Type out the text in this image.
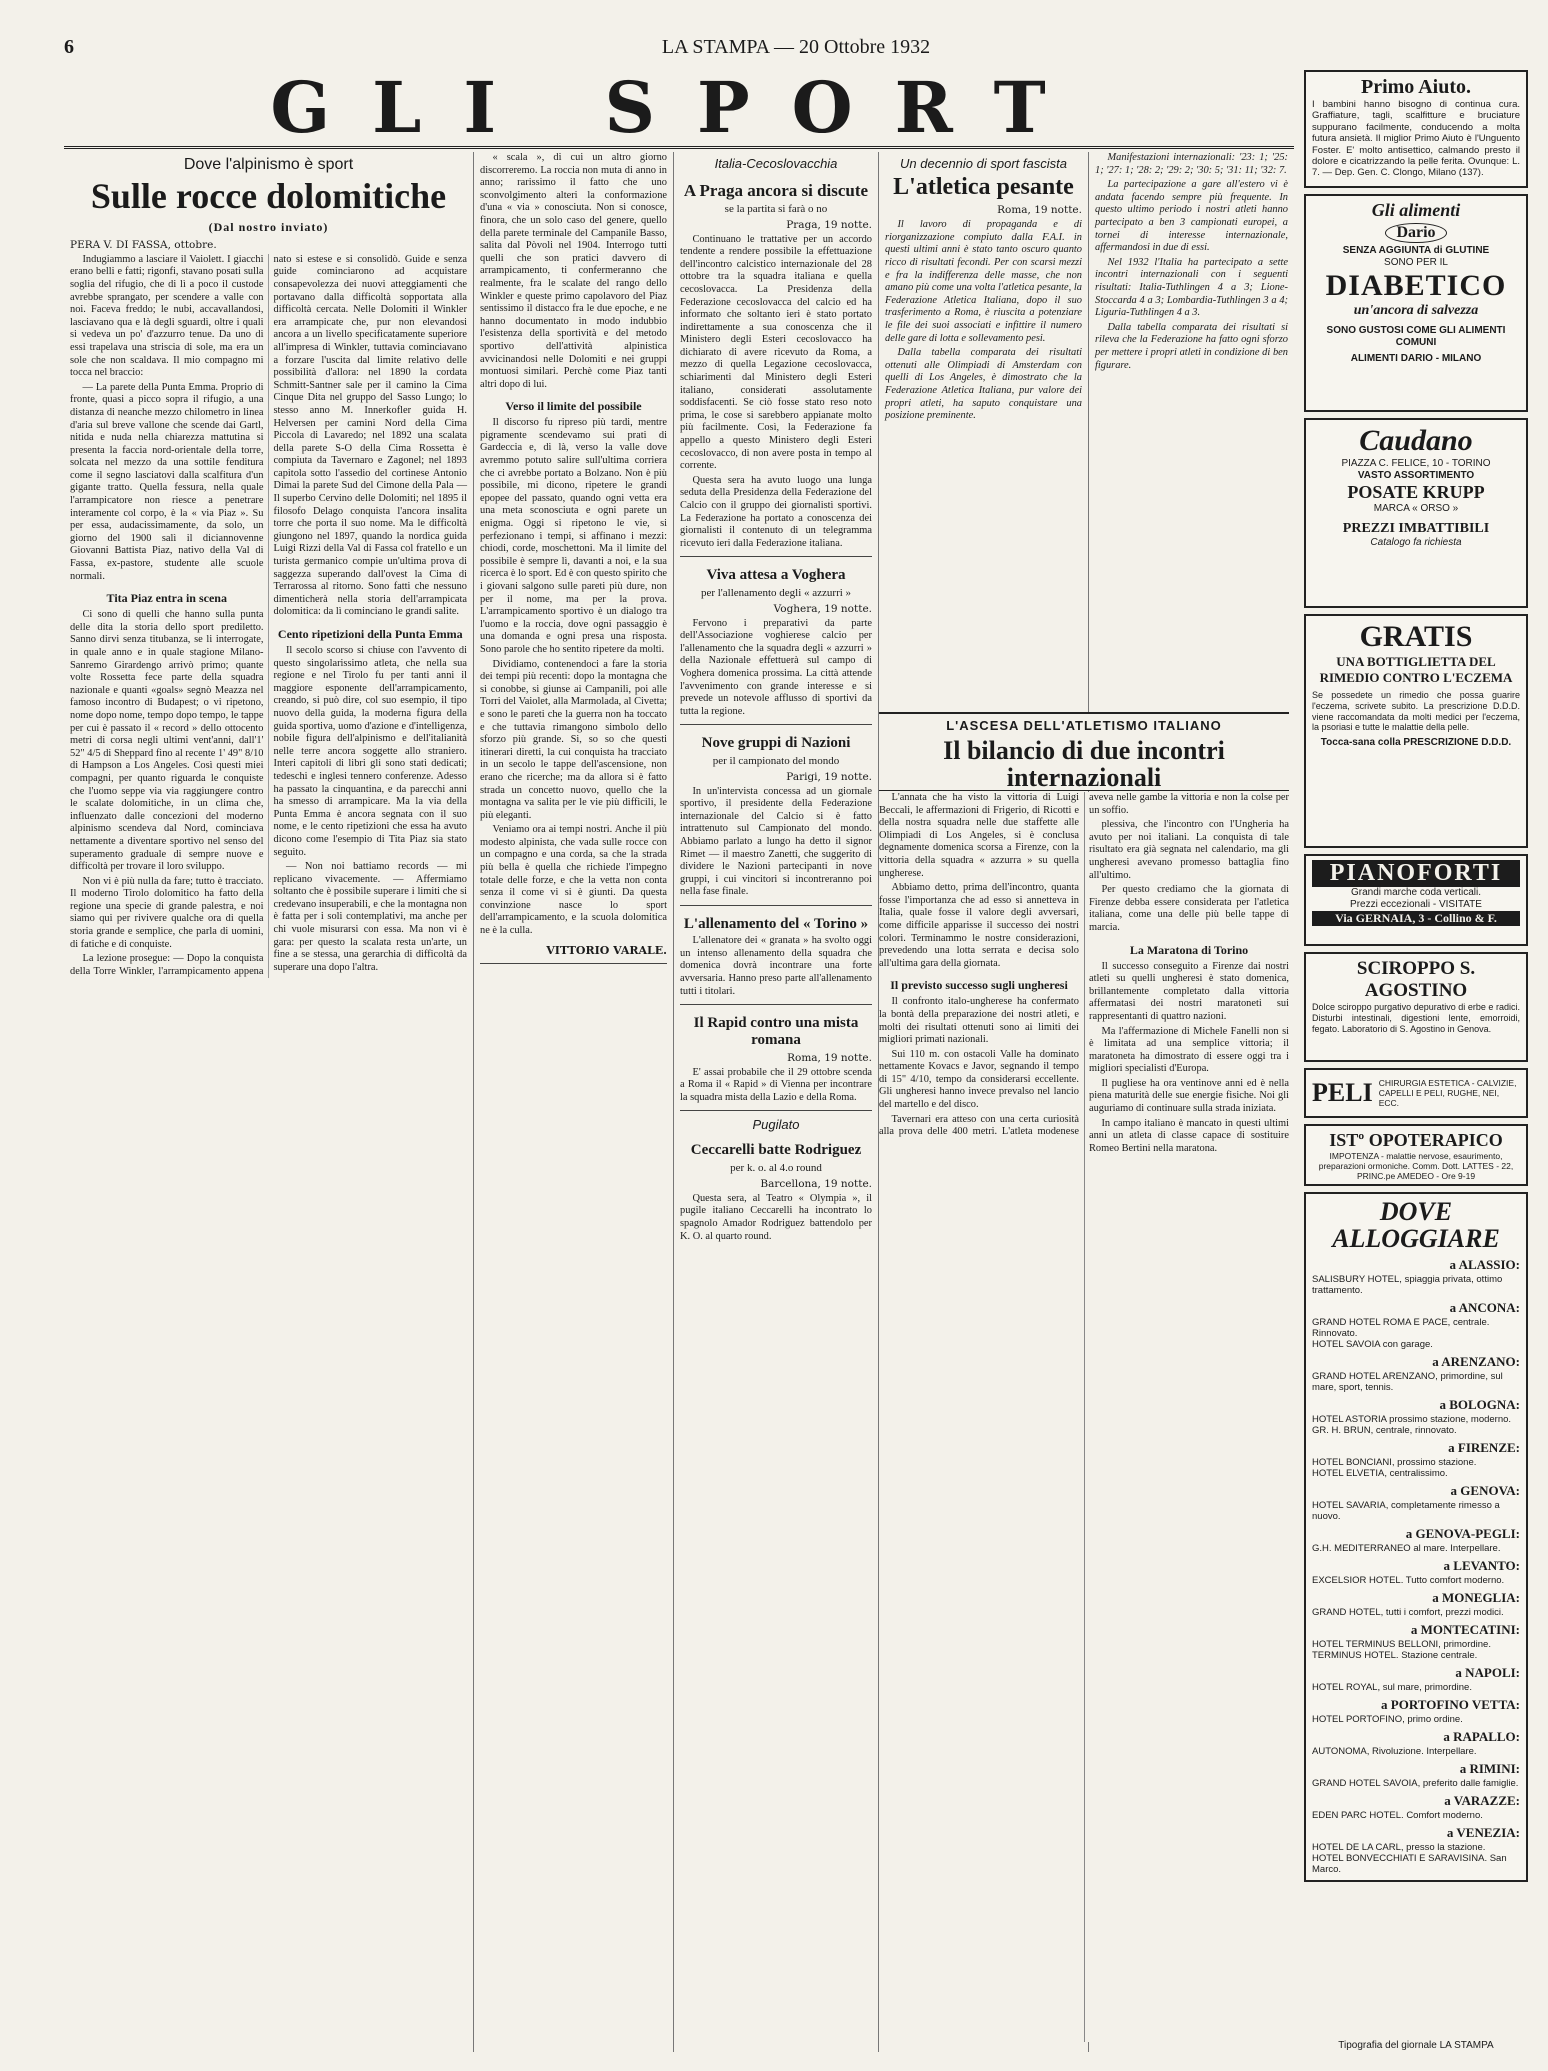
6	LA STAMPA — 20 Ottobre 1932
GLI SPORT
Dove l'alpinismo è sport
Sulle rocce dolomitiche
(Dal nostro inviato)
PERA V. DI FASSA, ottobre.

Indugiammo a lasciare il Vaiolett. I giacchi erano belli e fatti; rigonfi, stavano posati sulla soglia del rifugio, che di lì a poco il custode avrebbe sprangato, per scendere a valle con noi. Faceva freddo; le nubi, accavallandosi, lasciavano qua e là degli sguardi, oltre i quali si vedeva un po' d'azzurro tenue. Da uno di essi trapelava una striscia di sole, ma era un sole che non scaldava. Il mio compagno mi tocca nel braccio:

— La parete della Punta Emma. Proprio di fronte, quasi a picco sopra il rifugio, a una distanza di neanche mezzo chilometro in linea d'aria sul breve vallone che scende dai Gartl, nitida e nuda nella chiarezza mattutina si presenta la faccia nord-orientale della torre, solcata nel mezzo da una sottile fenditura come il segno lasciatovi dalla scalfitura d'un gigante tratto. Quella fessura, nella quale l'arrampicatore non riesce a penetrare interamente col corpo, è la « via Piaz ». Su per essa, audacissimamente, da solo, un giorno del 1900 salì il diciannovenne Giovanni Battista Piaz, nativo della Val di Fassa, ex-pastore, studente alle scuole normali.

Tita Piaz entra in scena

Ci sono di quelli che hanno sulla punta delle dita la storia dello sport prediletto. Sanno dirvi senza titubanza, se li interrogate, in quale anno e in quale stagione Milano-Sanremo Girardengo arrivò primo; quante volte Rossetta fece parte della squadra nazionale e quanti «goals» segnò Meazza nel famoso incontro di Budapest; o vi ripetono, nome dopo nome, tempo dopo tempo, le tappe per cui è passato il « record » dello ottocento metri di corsa negli ultimi vent'anni, dall'1' 52" 4/5 di Sheppard fino al recente 1' 49" 8/10 di Hampson a Los Angeles. Così questi miei compagni, per quanto riguarda le conquiste che l'uomo seppe via via raggiungere contro le scalate dolomitiche, in un clima che, influenzato dalle concezioni del moderno alpinismo scendeva dal Nord, cominciava nettamente a diventare sportivo nel senso del superamento graduale di sempre nuove e difficoltà per trovare il loro sviluppo.

Non vi è più nulla da fare; tutto è tracciato. Il moderno Tirolo dolomitico ha fatto della regione una specie di grande palestra, e noi siamo qui per rivivere qualche ora di quella storia grande e semplice, che parla di uomini, di fatiche e di conquiste.

La lezione prosegue: — Dopo la conquista della Torre Winkler, l'arrampicamento appena nato si estese e si consolidò. Guide e senza guide cominciarono ad acquistare consapevolezza dei nuovi atteggiamenti che portavano dalla difficoltà sopportata alla difficoltà cercata. Nelle Dolomiti il Winkler era arrampicate che, pur non elevandosi ancora a un livello specificatamente superiore all'impresa di Winkler, tuttavia cominciavano a forzare l'uscita dal limite relativo delle possibilità d'allora: nel 1890 la cordata Schmitt-Santner sale per il camino la Cima Cinque Dita nel gruppo del Sasso Lungo; lo stesso anno M. Innerkofler guida H. Helversen per camini Nord della Cima Piccola di Lavaredo; nel 1892 una scalata della parete S-O della Cima Rossetta è compiuta da Tavernaro e Zagonel; nel 1893 capitola sotto l'assedio del cortinese Antonio Dimai la parete Sud del Cimone della Pala — Il superbo Cervino delle Dolomiti; nel 1895 il filosofo Delago conquista l'ancora insalita torre che porta il suo nome. Ma le difficoltà giungono nel 1897, quando la nordica guida Luigi Rizzi della Val di Fassa col fratello e un turista germanico compie un'ultima prova di saggezza superando dall'ovest la Cima di Terrarossa al ritorno. Sono fatti che nessuno dimenticherà nella storia dell'arrampicata dolomitica: da lì cominciano le grandi salite.

Cento ripetizioni della Punta Emma

Il secolo scorso si chiuse con l'avvento di questo singolarissimo atleta, che nella sua regione e nel Tirolo fu per tanti anni il maggiore esponente dell'arrampicamento, creando, si può dire, col suo esempio, il tipo nuovo della guida, la moderna figura della guida sportiva, uomo d'azione e d'intelligenza, nobile figura dell'alpinismo e dell'italianità nelle terre ancora soggette allo straniero. Interi capitoli di libri gli sono stati dedicati; tedeschi e inglesi tennero conferenze. Adesso ha passato la cinquantina, e da parecchi anni ha smesso di arrampicare. Ma la via della Punta Emma è ancora segnata con il suo nome, e le cento ripetizioni che essa ha avuto dicono come l'esempio di Tita Piaz sia stato seguito.

— Non noi battiamo records — mi replicano vivacemente. — Affermiamo soltanto che è possibile superare i limiti che si credevano insuperabili, e che la montagna non è fatta per i soli contemplativi, ma anche per chi vuole misurarsi con essa. Ma non vi è gara: per questo la scalata resta un'arte, un fine a se stessa, una gerarchia di difficoltà da superare una dopo l'altra.

« scala », di cui un altro giorno discorreremo. La roccia non muta di anno in anno; rarissimo il fatto che uno sconvolgimento alteri la conformazione d'una « via » conosciuta. Non si conosce, finora, che un solo caso del genere, quello della parete terminale del Campanile Basso, salita dal Pòvoli nel 1904. Interrogo tutti quelli che son pratici davvero di arrampicamento, ti confermeranno che realmente, fra le scalate del rango dello Winkler e queste primo capolavoro del Piaz sentissimo il distacco fra le due epoche, e ne hanno documentato in modo indubbio l'esistenza della sportività e del metodo sportivo dell'attività alpinistica avvicinandosi nelle Dolomiti e nei gruppi montuosi similari. Perchè come Piaz tanti altri dopo di lui.

Verso il limite del possibile

Il discorso fu ripreso più tardi, mentre pigramente scendevamo sui prati di Gardeccia e, di là, verso la valle dove avremmo potuto salire sull'ultima corriera che ci avrebbe portato a Bolzano. Non è più possibile, mi dicono, ripetere le grandi epopee del passato, quando ogni vetta era una meta sconosciuta e ogni parete un enigma. Oggi si ripetono le vie, si perfezionano i tempi, si affinano i mezzi: chiodi, corde, moschettoni. Ma il limite del possibile è sempre lì, davanti a noi, e la sua ricerca è lo sport. Ed è con questo spirito che i giovani salgono sulle pareti più dure, non per il nome, ma per la prova. L'arrampicamento sportivo è un dialogo tra l'uomo e la roccia, dove ogni passaggio è una domanda e ogni presa una risposta. Sono parole che ho sentito ripetere da molti.

Dividiamo, contenendoci a fare la storia dei tempi più recenti: dopo la montagna che si conobbe, si giunse ai Campanili, poi alle Torri del Vaiolet, alla Marmolada, al Civetta; e sono le pareti che la guerra non ha toccato e che tuttavia rimangono simbolo dello sforzo più grande. Si, so so che questi itinerari diretti, la cui conquista ha tracciato in un secolo le tappe dell'ascensione, non erano che ricerche; ma da allora si è fatto strada un concetto nuovo, quello che la montagna va salita per le vie più difficili, le più eleganti.

Veniamo ora ai tempi nostri. Anche il più modesto alpinista, che vada sulle rocce con un compagno e una corda, sa che la strada più bella è quella che richiede l'impegno totale delle forze, e che la vetta non conta senza il come vi si è giunti. Da questa convinzione nasce lo sport dell'arrampicamento, e la scuola dolomitica ne è la culla.

VITTORIO VARALE.
Italia-Cecoslovacchia
A Praga ancora si discute
se la partita si farà o no
Praga, 19 notte.

Continuano le trattative per un accordo tendente a rendere possibile la effettuazione dell'incontro calcistico internazionale del 28 ottobre tra la squadra italiana e quella cecoslovacca. La Presidenza della Federazione cecoslovacca del calcio ed ha informato che soltanto ieri è stato portato indirettamente a sua conoscenza che il Ministero degli Esteri cecoslovacco ha dichiarato di avere ricevuto da Roma, a mezzo di quella Legazione cecoslovacca, schiarimenti dal Ministero degli Esteri italiano, considerati assolutamente soddisfacenti. Se ciò fosse stato reso noto prima, le cose si sarebbero appianate molto più facilmente. Così, la Federazione fa appello a questo Ministero degli Esteri cecoslovacco, di non avere posta in tempo al corrente.

Questa sera ha avuto luogo una lunga seduta della Presidenza della Federazione del Calcio con il gruppo dei giornalisti sportivi. La Federazione ha portato a conoscenza dei giornalisti il contenuto di un telegramma ricevuto ieri dalla Federazione italiana.

Viva attesa a Voghera
per l'allenamento degli « azzurri »
Voghera, 19 notte.

Fervono i preparativi da parte dell'Associazione voghierese calcio per l'allenamento che la squadra degli « azzurri » della Nazionale effettuerà sul campo di Voghera domenica prossima. La città attende l'avvenimento con grande interesse e si prevede un notevole afflusso di sportivi da tutta la regione.

Nove gruppi di Nazioni
per il campionato del mondo
Parigi, 19 notte.

In un'intervista concessa ad un giornale sportivo, il presidente della Federazione internazionale del Calcio si è fatto intrattenuto sul Campionato del mondo. Abbiamo parlato a lungo ha detto il signor Rimet — il maestro Zanetti, che suggerito di dividere le Nazioni partecipanti in nove gruppi, i cui vincitori si incontreranno poi nella fase finale.

L'allenamento del « Torino »

L'allenatore dei « granata » ha svolto oggi un intenso allenamento della squadra che domenica dovrà incontrare una forte avversaria. Hanno preso parte all'allenamento tutti i titolari.

Il Rapid contro una mista romana
Roma, 19 notte.

E' assai probabile che il 29 ottobre scenda a Roma il « Rapid » di Vienna per incontrare la squadra mista della Lazio e della Roma.

Pugilato
Ceccarelli batte Rodriguez
per k. o. al 4.o round
Barcellona, 19 notte.

Questa sera, al Teatro « Olympia », il pugile italiano Ceccarelli ha incontrato lo spagnolo Amador Rodriguez battendolo per K. O. al quarto round.

Un decennio di sport fascista
L'atletica pesante
Roma, 19 notte.

Il lavoro di propaganda e di riorganizzazione compiuto dalla F.A.I. in questi ultimi anni è stato tanto oscuro quanto ricco di risultati fecondi. Per con scarsi mezzi e fra la indifferenza delle masse, che non amano più come una volta l'atletica pesante, la Federazione Atletica Italiana, dopo il suo trasferimento a Roma, è riuscita a potenziare le file dei suoi associati e infittire il numero delle gare di lotta e sollevamento pesi.

Dalla tabella comparata dei risultati ottenuti alle Olimpiadi di Amsterdam con quelli di Los Angeles, è dimostrato che la Federazione Atletica Italiana, pur valore dei propri atleti, ha saputo conquistare una posizione preminente.

Manifestazioni internazionali: '23: 1; '25: 1; '27: 1; '28: 2; '29: 2; '30: 5; '31: 11; '32: 7.

La partecipazione a gare all'estero vi è andata facendo sempre più frequente. In questo ultimo periodo i nostri atleti hanno partecipato a ben 3 campionati europei, a tornei di interesse internazionale, affermandosi in due di essi.

Nel 1932 l'Italia ha partecipato a sette incontri internazionali con i seguenti risultati: Italia-Tuthlingen 4 a 3; Lione-Stoccarda 4 a 3; Lombardia-Tuthlingen 3 a 4; Liguria-Tuthlingen 4 a 3.

Dalla tabella comparata dei risultati si rileva che la Federazione ha fatto ogni sforzo per mettere i propri atleti in condizione di ben figurare.

L'ASCESA DELL'ATLETISMO ITALIANO
Il bilancio di due incontri internazionali

L'annata che ha visto la vittoria di Luigi Beccali, le affermazioni di Frigerio, di Ricotti e della nostra squadra nelle due staffette alle Olimpiadi di Los Angeles, si è conclusa degnamente domenica scorsa a Firenze, con la vittoria della squadra « azzurra » su quella ungherese.

Abbiamo detto, prima dell'incontro, quanta fosse l'importanza che ad esso si annetteva in Italia, quale fosse il valore degli avversari, come difficile apparisse il successo dei nostri colori. Terminammo le nostre considerazioni, prevedendo una lotta serrata e decisa solo all'ultima gara della giornata.

Il previsto successo sugli ungheresi

Il confronto italo-ungherese ha confermato la bontà della preparazione dei nostri atleti, e molti dei risultati ottenuti sono ai limiti dei migliori primati nazionali.

Sui 110 m. con ostacoli Valle ha dominato nettamente Kovacs e Javor, segnando il tempo di 15" 4/10, tempo da considerarsi eccellente. Gli ungheresi hanno invece prevalso nel lancio del martello e del disco.

Tavernari era atteso con una certa curiosità alla prova delle 400 metri. L'atleta modenese aveva nelle gambe la vittoria e non la colse per un soffio.

plessiva, che l'incontro con l'Ungheria ha avuto per noi italiani. La conquista di tale risultato era già segnata nel calendario, ma gli ungheresi avevano promesso battaglia fino all'ultimo.

Per questo crediamo che la giornata di Firenze debba essere considerata per l'atletica italiana, come una delle più belle tappe di marcia.

La Maratona di Torino

Il successo conseguito a Firenze dai nostri atleti su quelli ungheresi è stato domenica, brillantemente completato dalla vittoria affermatasi dei nostri maratoneti sui rappresentanti di quattro nazioni.

Ma l'affermazione di Michele Fanelli non si è limitata ad una semplice vittoria; il maratoneta ha dimostrato di essere oggi tra i migliori specialisti d'Europa.

Il pugliese ha ora ventinove anni ed è nella piena maturità delle sue energie fisiche. Noi gli auguriamo di continuare sulla strada iniziata.

In campo italiano è mancato in questi ultimi anni un atleta di classe capace di sostituire Romeo Bertini nella maratona.

Primo Aiuto.
I bambini hanno bisogno di continua cura. Graffiature, tagli, scalfitture e bruciature suppurano facilmente, conducendo a molta futura ansietà. Il miglior Primo Aiuto è l'Unguento Foster. E' molto antisettico, calmando presto il dolore e cicatrizzando la pelle ferita. Ovunque: L. 7. — Dep. Gen. C. Clongo, Milano (137).
Gli alimenti
Dario
SENZA AGGIUNTA di GLUTINE
SONO PER IL
DIABETICO
un'ancora di salvezza
SONO GUSTOSI COME GLI ALIMENTI COMUNI
ALIMENTI DARIO - MILANO
Caudano
PIAZZA C. FELICE, 10 - TORINO
VASTO ASSORTIMENTO
POSATE KRUPP
MARCA « ORSO »
PREZZI IMBATTIBILI
Catalogo fa richiesta
GRATIS
UNA BOTTIGLIETTA DEL
RIMEDIO CONTRO L'ECZEMA
Se possedete un rimedio che possa guarire l'eczema, scrivete subito. La prescrizione D.D.D. viene raccomandata da molti medici per l'eczema, la psoriasi e tutte le malattie della pelle.
Tocca-sana colla PRESCRIZIONE D.D.D.
PIANOFORTI
Grandi marche coda verticali.
Prezzi eccezionali - VISITATE
Via GERNAIA, 3 - Collino & F.
SCIROPPO S. AGOSTINO
Dolce sciroppo purgativo depurativo di erbe e radici. Disturbi intestinali, digestioni lente, emorroidi, fegato. Laboratorio di S. Agostino in Genova.
PELI CHIRURGIA ESTETICA - CALVIZIE, CAPELLI E PELI, RUGHE, NEI, ECC.
ISTº OPOTERAPICO
IMPOTENZA - malattie nervose, esaurimento, preparazioni ormoniche. Comm. Dott. LATTES - 22, PRINC.pe AMEDEO - Ore 9-19
DOVE ALLOGGIARE
a ALASSIO:

SALISBURY HOTEL, spiaggia privata, ottimo trattamento.

a ANCONA:

GRAND HOTEL ROMA E PACE, centrale. Rinnovato.

HOTEL SAVOIA con garage.

a ARENZANO:

GRAND HOTEL ARENZANO, primordine, sul mare, sport, tennis.

a BOLOGNA:

HOTEL ASTORIA prossimo stazione, moderno.

GR. H. BRUN, centrale, rinnovato.

a FIRENZE:

HOTEL BONCIANI, prossimo stazione.

HOTEL ELVETIA, centralissimo.

a GENOVA:

HOTEL SAVARIA, completamente rimesso a nuovo.

a GENOVA-PEGLI:

G.H. MEDITERRANEO al mare. Interpellare.

a LEVANTO:

EXCELSIOR HOTEL. Tutto comfort moderno.

a MONEGLIA:

GRAND HOTEL, tutti i comfort, prezzi modici.

a MONTECATINI:

HOTEL TERMINUS BELLONI, primordine.

TERMINUS HOTEL. Stazione centrale.

a NAPOLI:

HOTEL ROYAL, sul mare, primordine.

a PORTOFINO VETTA:

HOTEL PORTOFINO, primo ordine.

a RAPALLO:

AUTONOMA, Rivoluzione. Interpellare.

a RIMINI:

GRAND HOTEL SAVOIA, preferito dalle famiglie.

a VARAZZE:

EDEN PARC HOTEL. Comfort moderno.

a VENEZIA:

HOTEL DE LA CARL, presso la stazione.

HOTEL BONVECCHIATI E SARAVISINA. San Marco.

Tipografia del giornale LA STAMPA
